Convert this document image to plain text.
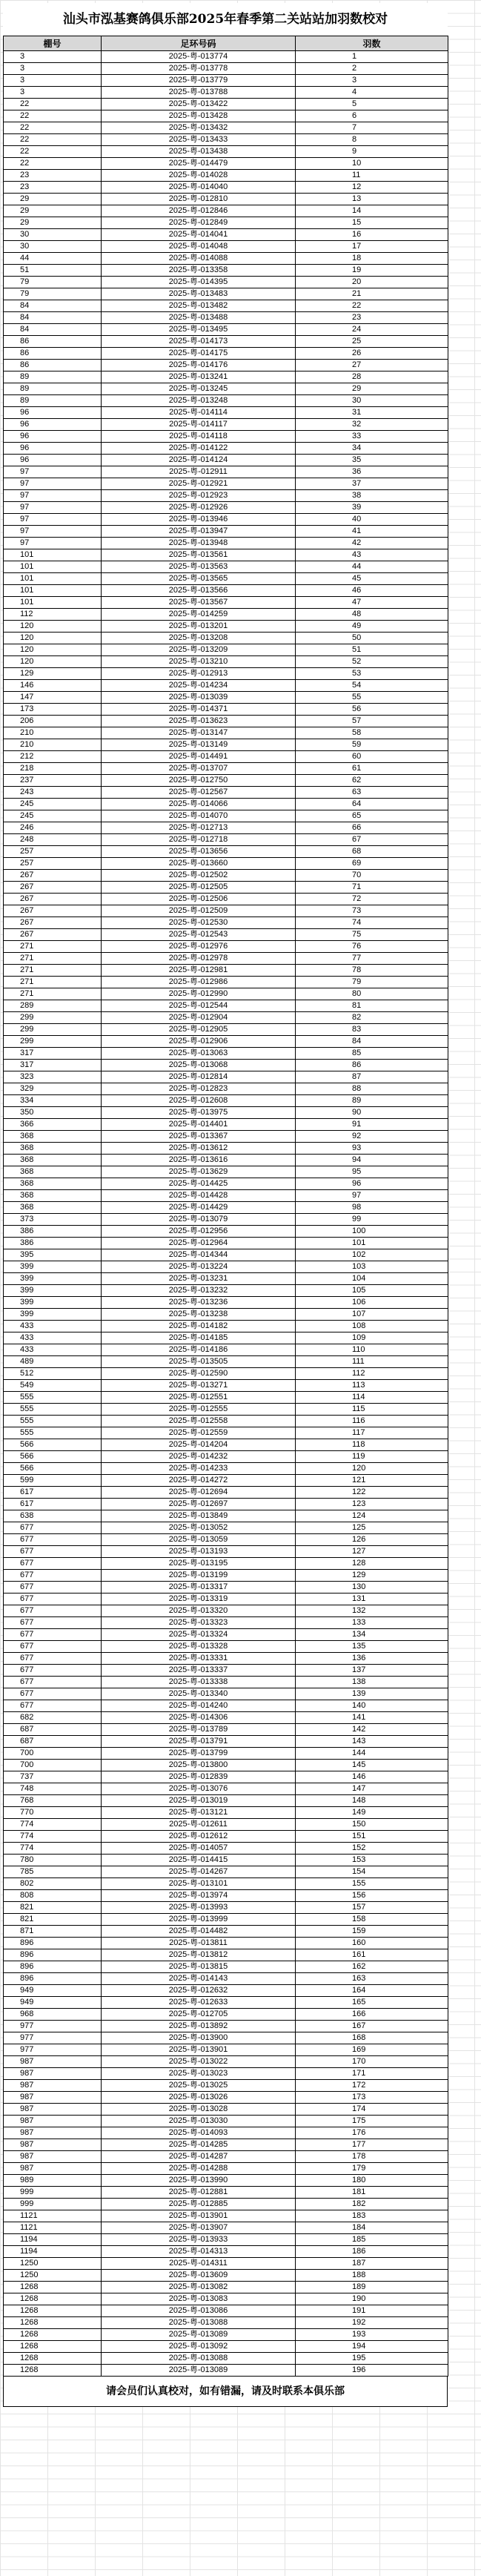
汕头市泓基赛鸽俱乐部2025年春季第二关站站加羽数校对
棚号	足环号码	羽数
3	2025-粤-013774	1
3	2025-粤-013778	2
3	2025-粤-013779	3
3	2025-粤-013788	4
22	2025-粤-013422	5
22	2025-粤-013428	6
22	2025-粤-013432	7
22	2025-粤-013433	8
22	2025-粤-013438	9
22	2025-粤-014479	10
23	2025-粤-014028	11
23	2025-粤-014040	12
29	2025-粤-012810	13
29	2025-粤-012846	14
29	2025-粤-012849	15
30	2025-粤-014041	16
30	2025-粤-014048	17
44	2025-粤-014088	18
51	2025-粤-013358	19
79	2025-粤-014395	20
79	2025-粤-013483	21
84	2025-粤-013482	22
84	2025-粤-013488	23
84	2025-粤-013495	24
86	2025-粤-014173	25
86	2025-粤-014175	26
86	2025-粤-014176	27
89	2025-粤-013241	28
89	2025-粤-013245	29
89	2025-粤-013248	30
96	2025-粤-014114	31
96	2025-粤-014117	32
96	2025-粤-014118	33
96	2025-粤-014122	34
96	2025-粤-014124	35
97	2025-粤-012911	36
97	2025-粤-012921	37
97	2025-粤-012923	38
97	2025-粤-012926	39
97	2025-粤-013946	40
97	2025-粤-013947	41
97	2025-粤-013948	42
101	2025-粤-013561	43
101	2025-粤-013563	44
101	2025-粤-013565	45
101	2025-粤-013566	46
101	2025-粤-013567	47
112	2025-粤-014259	48
120	2025-粤-013201	49
120	2025-粤-013208	50
120	2025-粤-013209	51
120	2025-粤-013210	52
129	2025-粤-012913	53
146	2025-粤-014234	54
147	2025-粤-013039	55
173	2025-粤-014371	56
206	2025-粤-013623	57
210	2025-粤-013147	58
210	2025-粤-013149	59
212	2025-粤-014491	60
218	2025-粤-013707	61
237	2025-粤-012750	62
243	2025-粤-012567	63
245	2025-粤-014066	64
245	2025-粤-014070	65
246	2025-粤-012713	66
248	2025-粤-012718	67
257	2025-粤-013656	68
257	2025-粤-013660	69
267	2025-粤-012502	70
267	2025-粤-012505	71
267	2025-粤-012506	72
267	2025-粤-012509	73
267	2025-粤-012530	74
267	2025-粤-012543	75
271	2025-粤-012976	76
271	2025-粤-012978	77
271	2025-粤-012981	78
271	2025-粤-012986	79
271	2025-粤-012990	80
289	2025-粤-012544	81
299	2025-粤-012904	82
299	2025-粤-012905	83
299	2025-粤-012906	84
317	2025-粤-013063	85
317	2025-粤-013068	86
323	2025-粤-012814	87
329	2025-粤-012823	88
334	2025-粤-012608	89
350	2025-粤-013975	90
366	2025-粤-014401	91
368	2025-粤-013367	92
368	2025-粤-013612	93
368	2025-粤-013616	94
368	2025-粤-013629	95
368	2025-粤-014425	96
368	2025-粤-014428	97
368	2025-粤-014429	98
373	2025-粤-013079	99
386	2025-粤-012956	100
386	2025-粤-012964	101
395	2025-粤-014344	102
399	2025-粤-013224	103
399	2025-粤-013231	104
399	2025-粤-013232	105
399	2025-粤-013236	106
399	2025-粤-013238	107
433	2025-粤-014182	108
433	2025-粤-014185	109
433	2025-粤-014186	110
489	2025-粤-013505	111
512	2025-粤-012590	112
549	2025-粤-013271	113
555	2025-粤-012551	114
555	2025-粤-012555	115
555	2025-粤-012558	116
555	2025-粤-012559	117
566	2025-粤-014204	118
566	2025-粤-014232	119
566	2025-粤-014233	120
599	2025-粤-014272	121
617	2025-粤-012694	122
617	2025-粤-012697	123
638	2025-粤-013849	124
677	2025-粤-013052	125
677	2025-粤-013059	126
677	2025-粤-013193	127
677	2025-粤-013195	128
677	2025-粤-013199	129
677	2025-粤-013317	130
677	2025-粤-013319	131
677	2025-粤-013320	132
677	2025-粤-013323	133
677	2025-粤-013324	134
677	2025-粤-013328	135
677	2025-粤-013331	136
677	2025-粤-013337	137
677	2025-粤-013338	138
677	2025-粤-013340	139
677	2025-粤-014240	140
682	2025-粤-014306	141
687	2025-粤-013789	142
687	2025-粤-013791	143
700	2025-粤-013799	144
700	2025-粤-013800	145
737	2025-粤-012839	146
748	2025-粤-013076	147
768	2025-粤-013019	148
770	2025-粤-013121	149
774	2025-粤-012611	150
774	2025-粤-012612	151
774	2025-粤-014057	152
780	2025-粤-014415	153
785	2025-粤-014267	154
802	2025-粤-013101	155
808	2025-粤-013974	156
821	2025-粤-013993	157
821	2025-粤-013999	158
871	2025-粤-014482	159
896	2025-粤-013811	160
896	2025-粤-013812	161
896	2025-粤-013815	162
896	2025-粤-014143	163
949	2025-粤-012632	164
949	2025-粤-012633	165
968	2025-粤-012705	166
977	2025-粤-013892	167
977	2025-粤-013900	168
977	2025-粤-013901	169
987	2025-粤-013022	170
987	2025-粤-013023	171
987	2025-粤-013025	172
987	2025-粤-013026	173
987	2025-粤-013028	174
987	2025-粤-013030	175
987	2025-粤-014093	176
987	2025-粤-014285	177
987	2025-粤-014287	178
987	2025-粤-014288	179
989	2025-粤-013990	180
999	2025-粤-012881	181
999	2025-粤-012885	182
1121	2025-粤-013901	183
1121	2025-粤-013907	184
1194	2025-粤-013933	185
1194	2025-粤-014313	186
1250	2025-粤-014311	187
1250	2025-粤-013609	188
1268	2025-粤-013082	189
1268	2025-粤-013083	190
1268	2025-粤-013086	191
1268	2025-粤-013088	192
1268	2025-粤-013089	193
1268	2025-粤-013092	194
1268	2025-粤-013088	195
1268	2025-粤-013089	196
请会员们认真校对，如有错漏，请及时联系本俱乐部
